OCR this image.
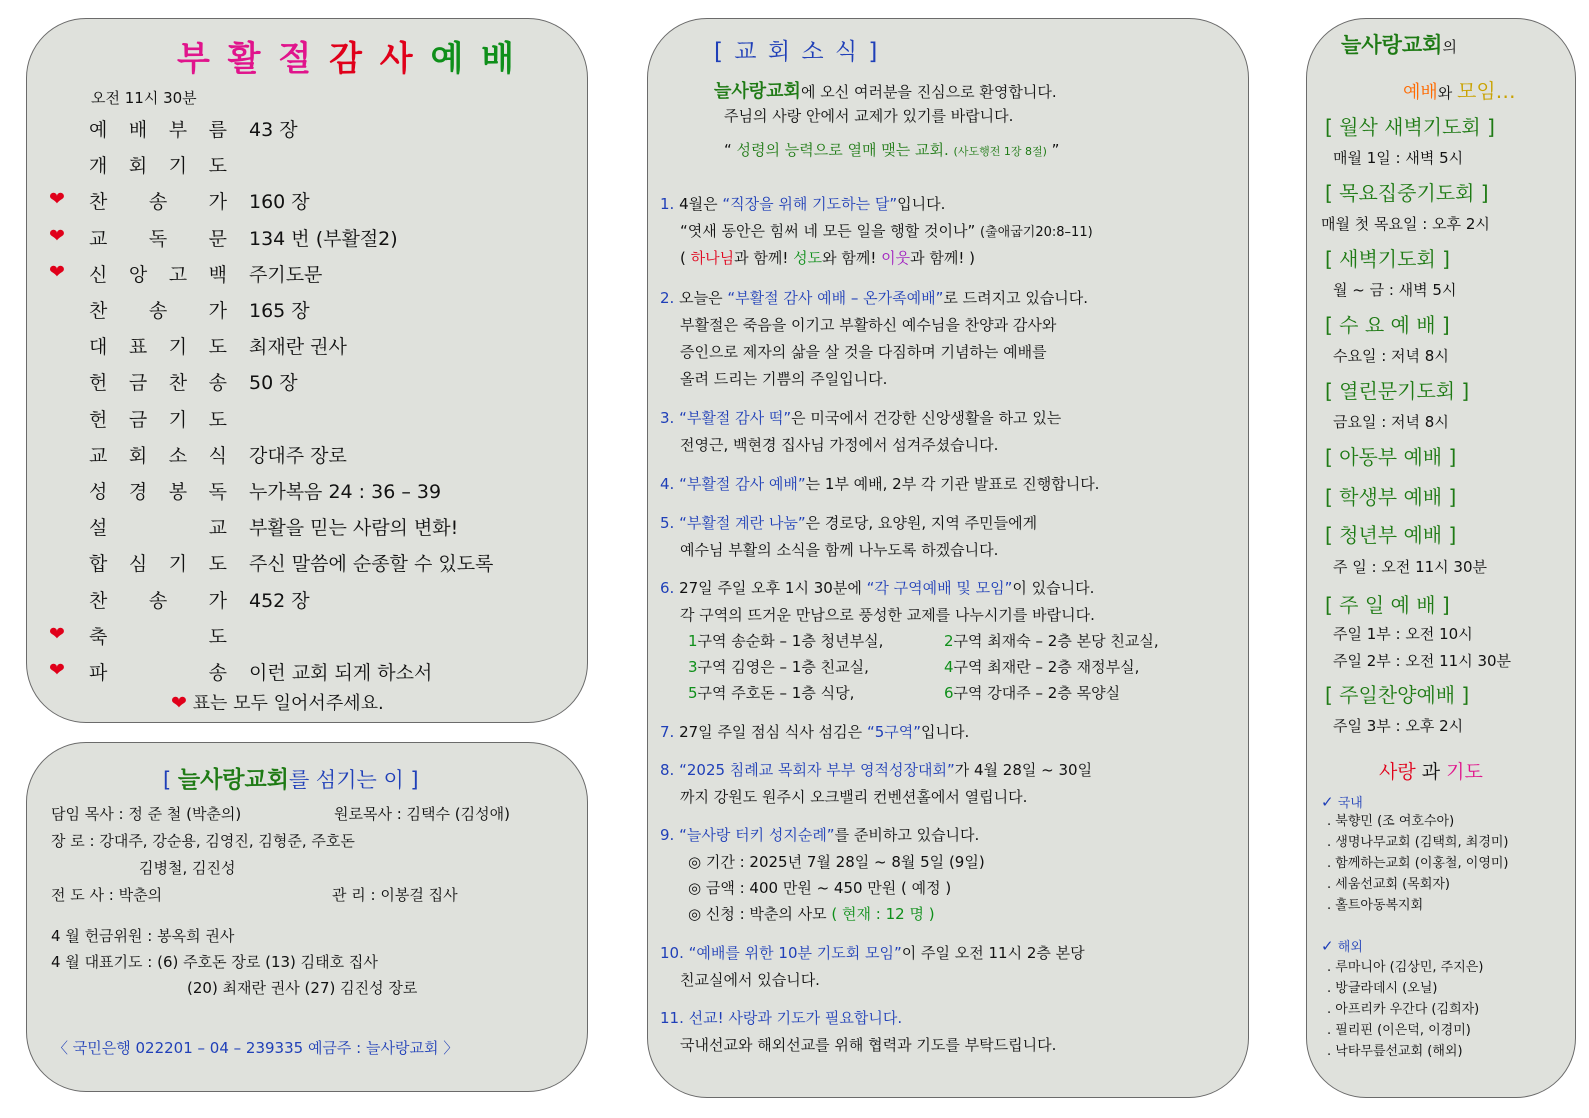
부 활 절 감 사 예 배
오전 11시 30분
❤ 표는 모두 일어서주세요.
예 배 부 름 43 장
개 회 기 도
❤ 찬 송 가 160 장
❤ 교 독 문 134 번 (부활절2)
❤ 신 앙 고 백 주기도문
찬 송 가 165 장
대 표 기 도 최재란 권사
헌 금 찬 송 50 장
헌 금 기 도
교 회 소 식 강대주 장로
성 경 봉 독 누가복음 24 : 36 – 39
설	교 부활을 믿는 사람의 변화!
합 심 기 도 주신 말씀에 순종할 수 있도록
찬 송 가 452 장
❤ 축	도
❤ 파	송 이런 교회 되게 하소서
[ 늘사랑교회를 섬기는 이 ]
담임 목사 : 정 준 철 (박춘의)	원로목사 : 김택수 (김성애)
장 로 : 강대주, 강순용, 김영진, 김형준, 주호돈
김병철, 김진성
전 도 사 : 박춘의	관 리 : 이봉걸 집사
4 월 헌금위원 : 봉옥희 권사
4 월 대표기도 : (6) 주호돈 장로 (13) 김태호 집사
(20) 최재란 권사 (27) 김진성 장로
〈 국민은행 022201 – 04 – 239335 예금주 : 늘사랑교회 〉
[ 교 회 소 식 ]
늘사랑교회에 오신 여러분을 진심으로 환영합니다.
주님의 사랑 안에서 교제가 있기를 바랍니다.
“ 성령의 능력으로 열매 맺는 교회. (사도행전 1장 8절) ”
1. 4월은 “직장을 위해 기도하는 달”입니다.
“엿새 동안은 힘써 네 모든 일을 행할 것이나” (출애굽기20:8–11)
( 하나님과 함께! 성도와 함께! 이웃과 함께! )
2. 오늘은 “부활절 감사 예배 – 온가족예배”로 드려지고 있습니다.
부활절은 죽음을 이기고 부활하신 예수님을 찬양과 감사와
증인으로 제자의 삶을 살 것을 다짐하며 기념하는 예배를
올려 드리는 기쁨의 주일입니다.
3. “부활절 감사 떡”은 미국에서 건강한 신앙생활을 하고 있는
전영근, 백현경 집사님 가정에서 섬겨주셨습니다.
4. “부활절 감사 예배”는 1부 예배, 2부 각 기관 발표로 진행합니다.
5. “부활절 계란 나눔”은 경로당, 요양원, 지역 주민들에게
예수님 부활의 소식을 함께 나누도록 하겠습니다.
6. 27일 주일 오후 1시 30분에 “각 구역예배 및 모임”이 있습니다.
각 구역의 뜨거운 만남으로 풍성한 교제를 나누시기를 바랍니다.
1구역 송순화 – 1층 청년부실,	2구역 최재숙 – 2층 본당 친교실,
3구역 김영은 – 1층 친교실,	4구역 최재란 – 2층 재정부실,
5구역 주호돈 – 1층 식당,	6구역 강대주 – 2층 목양실
7. 27일 주일 점심 식사 섬김은 “5구역”입니다.
8. “2025 침례교 목회자 부부 영적성장대회”가 4월 28일 ~ 30일
까지 강원도 원주시 오크밸리 컨벤션홀에서 열립니다.
9. “늘사랑 터키 성지순례”를 준비하고 있습니다.
◎ 기간 : 2025년 7월 28일 ~ 8월 5일 (9일)
◎ 금액 : 400 만원 ~ 450 만원 ( 예정 )
◎ 신청 : 박춘의 사모 ( 현재 : 12 명 )
10. “예배를 위한 10분 기도회 모임”이 주일 오전 11시 2층 본당
친교실에서 있습니다.
11. 선교! 사랑과 기도가 필요합니다.
국내선교와 해외선교를 위해 협력과 기도를 부탁드립니다.
늘사랑교회의
예배와 모임…
사랑 과 기도
✓ 국내
✓ 해외
[ 월삭 새벽기도회 ]
매월 1일 : 새벽 5시
[ 목요집중기도회 ]
매월 첫 목요일 : 오후 2시
[ 새벽기도회 ]
월 ~ 금 : 새벽 5시
[ 수 요 예 배 ]
수요일 : 저녁 8시
[ 열린문기도회 ]
금요일 : 저녁 8시
[ 아동부 예배 ]
[ 학생부 예배 ]
[ 청년부 예배 ]
주 일 : 오전 11시 30분
[ 주 일 예 배 ]
주일 1부 : 오전 10시
주일 2부 : 오전 11시 30분
[ 주일찬양예배 ]
주일 3부 : 오후 2시
. 북향민 (조 여호수아)
. 생명나무교회 (김택희, 최경미)
. 함께하는교회 (이홍철, 이영미)
. 세움선교회 (목회자)
. 홀트아동복지회
. 루마니아 (김상민, 주지은)
. 방글라데시 (오닐)
. 아프리카 우간다 (김희자)
. 필리핀 (이은덕, 이경미)
. 낙타무릎선교회 (해외)
